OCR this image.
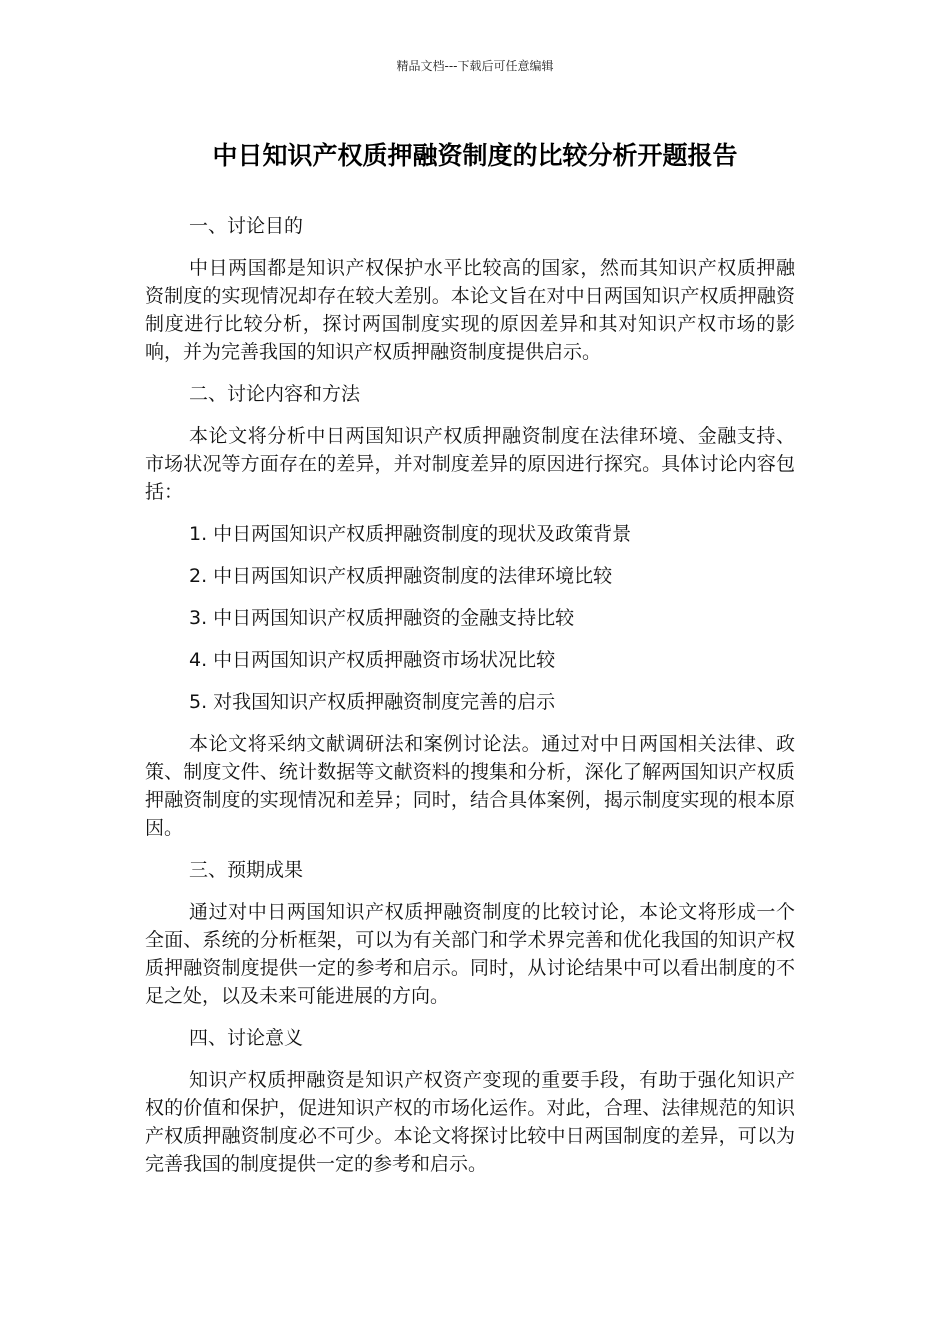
精品文档---下载后可任意编辑
中日知识产权质押融资制度的比较分析开题报告

一、讨论目的

中日两国都是知识产权保护水平比较高的国家，然而其知识产权质押融资制度的实现情况却存在较大差别。本论文旨在对中日两国知识产权质押融资制度进行比较分析，探讨两国制度实现的原因差异和其对知识产权市场的影响，并为完善我国的知识产权质押融资制度提供启示。

二、讨论内容和方法

本论文将分析中日两国知识产权质押融资制度在法律环境、金融支持、市场状况等方面存在的差异，并对制度差异的原因进行探究。具体讨论内容包括：

1. 中日两国知识产权质押融资制度的现状及政策背景
2. 中日两国知识产权质押融资制度的法律环境比较
3. 中日两国知识产权质押融资的金融支持比较
4. 中日两国知识产权质押融资市场状况比较
5. 对我国知识产权质押融资制度完善的启示

本论文将采纳文献调研法和案例讨论法。通过对中日两国相关法律、政策、制度文件、统计数据等文献资料的搜集和分析，深化了解两国知识产权质押融资制度的实现情况和差异；同时，结合具体案例，揭示制度实现的根本原因。

三、预期成果

通过对中日两国知识产权质押融资制度的比较讨论，本论文将形成一个全面、系统的分析框架，可以为有关部门和学术界完善和优化我国的知识产权质押融资制度提供一定的参考和启示。同时，从讨论结果中可以看出制度的不足之处，以及未来可能进展的方向。

四、讨论意义

知识产权质押融资是知识产权资产变现的重要手段，有助于强化知识产权的价值和保护，促进知识产权的市场化运作。对此，合理、法律规范的知识产权质押融资制度必不可少。本论文将探讨比较中日两国制度的差异，可以为完善我国的制度提供一定的参考和启示。
